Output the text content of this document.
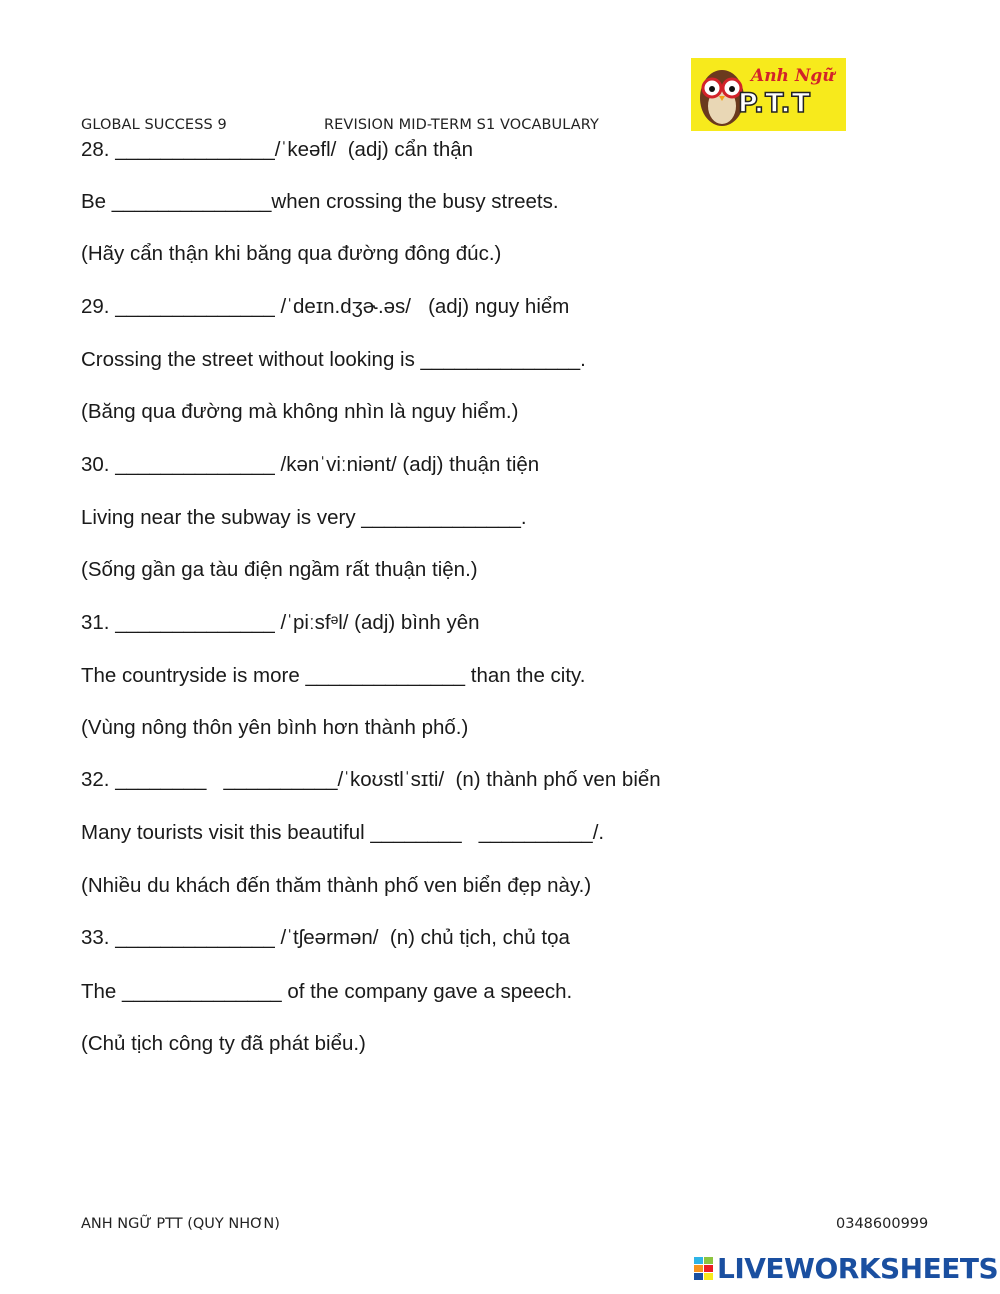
GLOBAL SUCCESS 9	REVISION MID-TERM S1 VOCABULARY
Anh Ngữ
P.T.T
28. ______________/ˈkeəfl/  (adj) cẩn thận
Be ______________when crossing the busy streets.
(Hãy cẩn thận khi băng qua đường đông đúc.)
29. ______________ /ˈdeɪn.dʒɚ.əs/   (adj) nguy hiểm
Crossing the street without looking is ______________.
(Băng qua đường mà không nhìn là nguy hiểm.)
30. ______________ /kənˈviːniənt/ (adj) thuận tiện
Living near the subway is very ______________.
(Sống gần ga tàu điện ngầm rất thuận tiện.)
31. ______________ /ˈpiːsfᵊl/ (adj) bình yên
The countryside is more ______________ than the city.
(Vùng nông thôn yên bình hơn thành phố.)
32. ________   __________/ˈkoʊstlˈsɪti/  (n) thành phố ven biển
Many tourists visit this beautiful ________   __________/.
(Nhiều du khách đến thăm thành phố ven biển đẹp này.)
33. ______________ /ˈtʃeərmən/  (n) chủ tịch, chủ tọa
The ______________ of the company gave a speech.
(Chủ tịch công ty đã phát biểu.)
ANH NGỮ PTT (QUY NHƠN)	0348600999
LIVEWORKSHEETS
